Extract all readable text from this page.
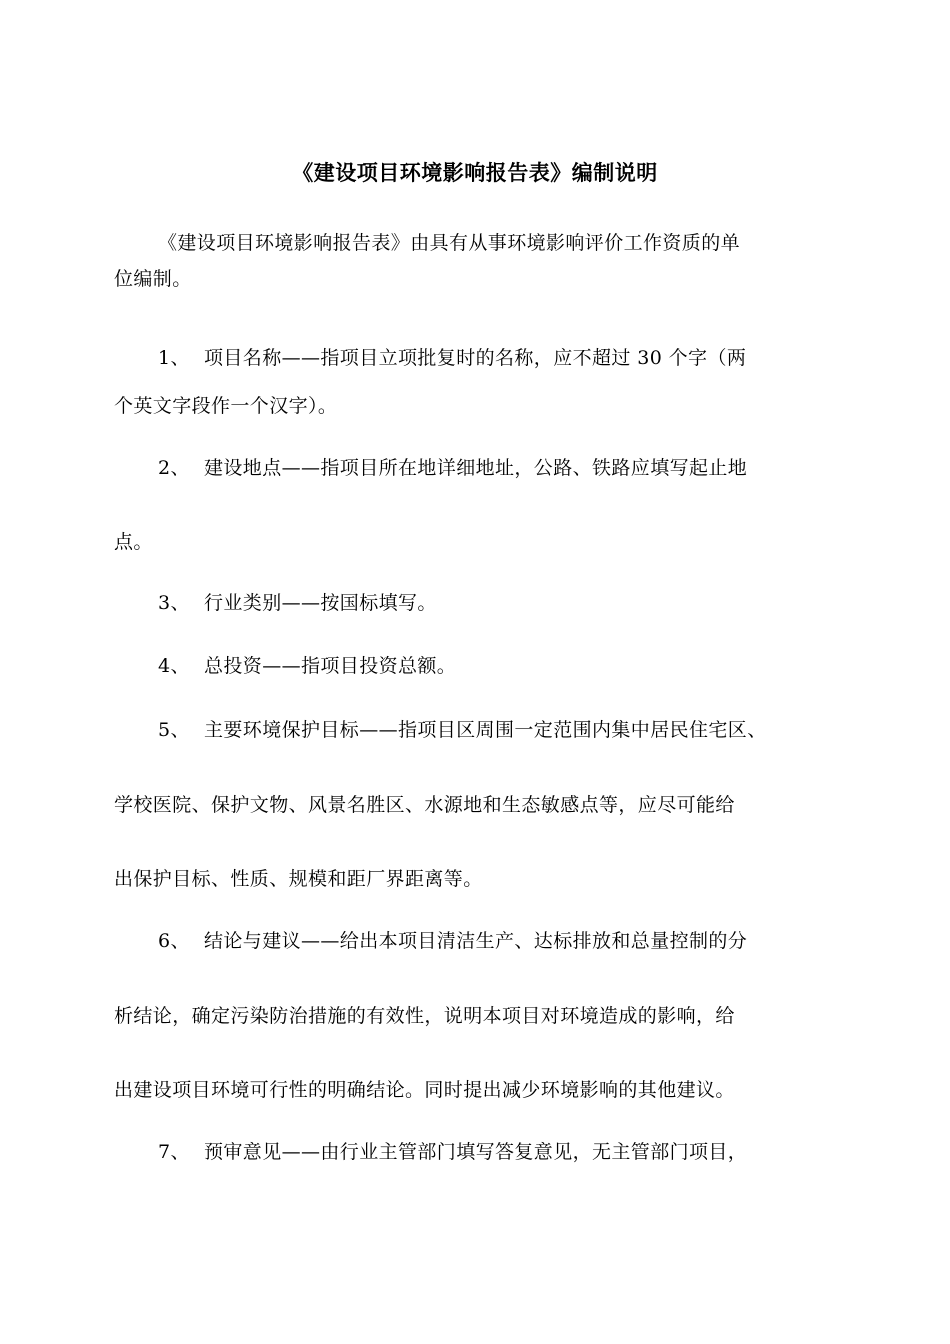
《建设项目环境影响报告表》编制说明
《建设项目环境影响报告表》由具有从事环境影响评价工作资质的单
位编制。
1、 项目名称——指项目立项批复时的名称，应不超过 30 个字（两
个英文字段作一个汉字）。
2、 建设地点——指项目所在地详细地址，公路、铁路应填写起止地
点。
3、 行业类别——按国标填写。
4、 总投资——指项目投资总额。
5、 主要环境保护目标——指项目区周围一定范围内集中居民住宅区、
学校医院、保护文物、风景名胜区、水源地和生态敏感点等，应尽可能给
出保护目标、性质、规模和距厂界距离等。
6、 结论与建议——给出本项目清洁生产、达标排放和总量控制的分
析结论，确定污染防治措施的有效性，说明本项目对环境造成的影响，给
出建设项目环境可行性的明确结论。同时提出减少环境影响的其他建议。
7、 预审意见——由行业主管部门填写答复意见，无主管部门项目，
